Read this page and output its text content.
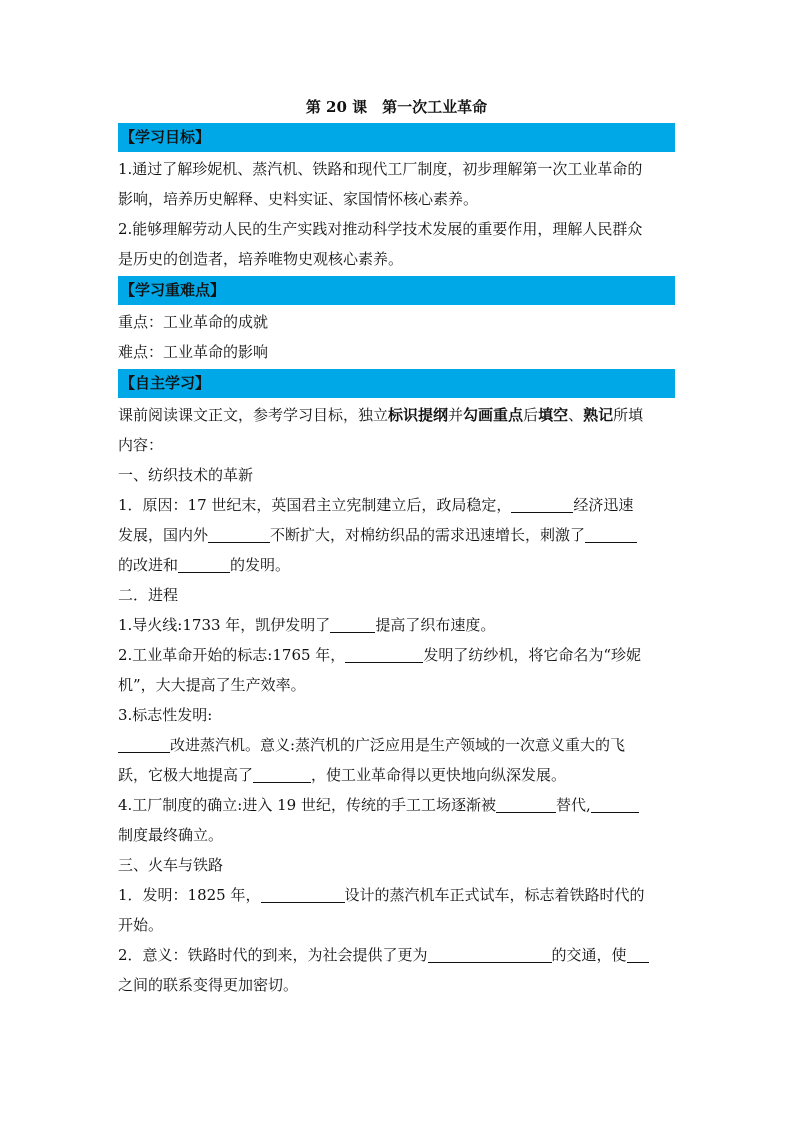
第 20 课　第一次工业革命
【学习目标】
1.通过了解珍妮机、蒸汽机、铁路和现代工厂制度，初步理解第一次工业革命的
影响，培养历史解释、史料实证、家国情怀核心素养。
2.能够理解劳动人民的生产实践对推动科学技术发展的重要作用，理解人民群众
是历史的创造者，培养唯物史观核心素养。
【学习重难点】
重点：工业革命的成就
难点：工业革命的影响
【自主学习】
课前阅读课文正文，参考学习目标，独立标识提纲并勾画重点后填空、熟记所填
内容：
一、纺织技术的革新
1．原因：17 世纪末，英国君主立宪制建立后，政局稳定，	经济迅速
发展，国内外	不断扩大，对棉纺织品的需求迅速增长，刺激了
的改进和	的发明。
二．进程
1.导火线:1733 年，凯伊发明了	提高了织布速度。
2.工业革命开始的标志:1765 年，	发明了纺纱机，将它命名为“珍妮
机”，大大提高了生产效率。
3.标志性发明:
改进蒸汽机。意义:蒸汽机的广泛应用是生产领域的一次意义重大的飞
跃，它极大地提高了	，使工业革命得以更快地向纵深发展。
4.工厂制度的确立:进入 19 世纪，传统的手工工场逐渐被	替代,
制度最终确立。
三、火车与铁路
1．发明：1825 年，	设计的蒸汽机车正式试车，标志着铁路时代的
开始。
2．意义：铁路时代的到来，为社会提供了更为	的交通，使
之间的联系变得更加密切。
